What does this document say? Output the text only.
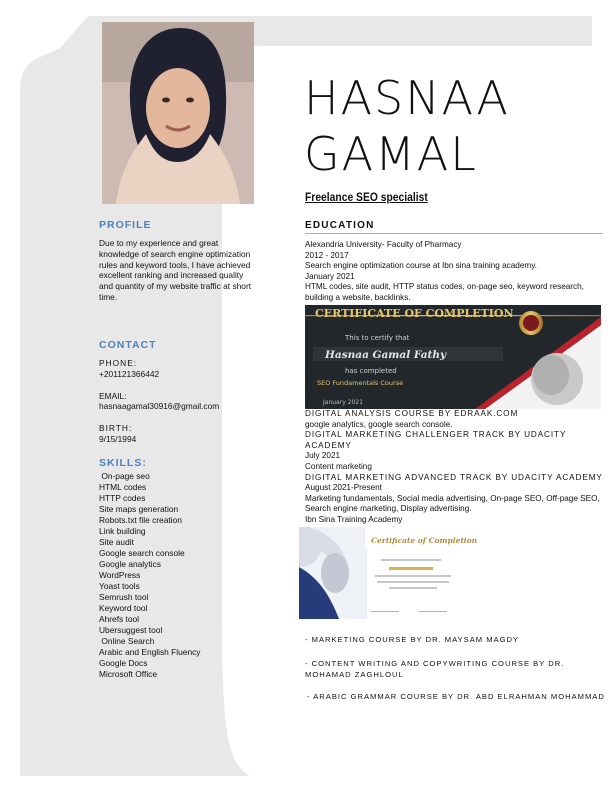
HASNAA
GAMAL

Freelance SEO specialist

PROFILE
Due to my experience and great knowledge of search engine optimization rules and keyword tools, I have achieved excellent ranking and increased quality and quantity of my website traffic at short time.
CONTACT
PHONE:
+201121366442
EMAIL:
hasnaagamal30916@gmail.com
BIRTH:
9/15/1994
SKILLS:
On-page seo
HTML codes
HTTP codes
Site maps generation
Robots.txt file creation
Link building
Site audit
Google search console
Google analytics
WordPress
Yoast tools
Semrush tool
Keyword tool
Ahrefs tool
Ubersuggest tool
Online Search
Arabic and English Fluency
Google Docs
Microsoft Office
EDUCATION
Alexandria University- Faculty of Pharmacy
2012 - 2017
Search engine optimization course at Ibn sina training academy.
January 2021
HTML codes, site audit, HTTP status codes, on-page seo, keyword research, building a website, backlinks.
CERTIFICATE OF COMPLETION
This to certify that
Hasnaa Gamal Fathy
has completed
SEO Fundamentals Course
January 2021
DIGITAL ANALYSIS COURSE BY EDRAAK.COM
google analytics, google search console.
DIGITAL MARKETING CHALLENGER TRACK BY UDACITY ACADEMY
July 2021
Content marketing
DIGITAL MARKETING ADVANCED TRACK BY UDACITY ACADEMY
August 2021-Present
Marketing fundamentals, Social media advertising, On-page SEO, Off-page SEO, Search engine marketing, Display advertising.
Ibn Sina Training Academy
Certificate of Completion
- MARKETING COURSE BY DR. MAYSAM MAGDY
- CONTENT WRITING AND COPYWRITING COURSE BY DR. MOHAMAD ZAGHLOUL
- ARABIC GRAMMAR COURSE BY DR. ABD ELRAHMAN MOHAMMAD
